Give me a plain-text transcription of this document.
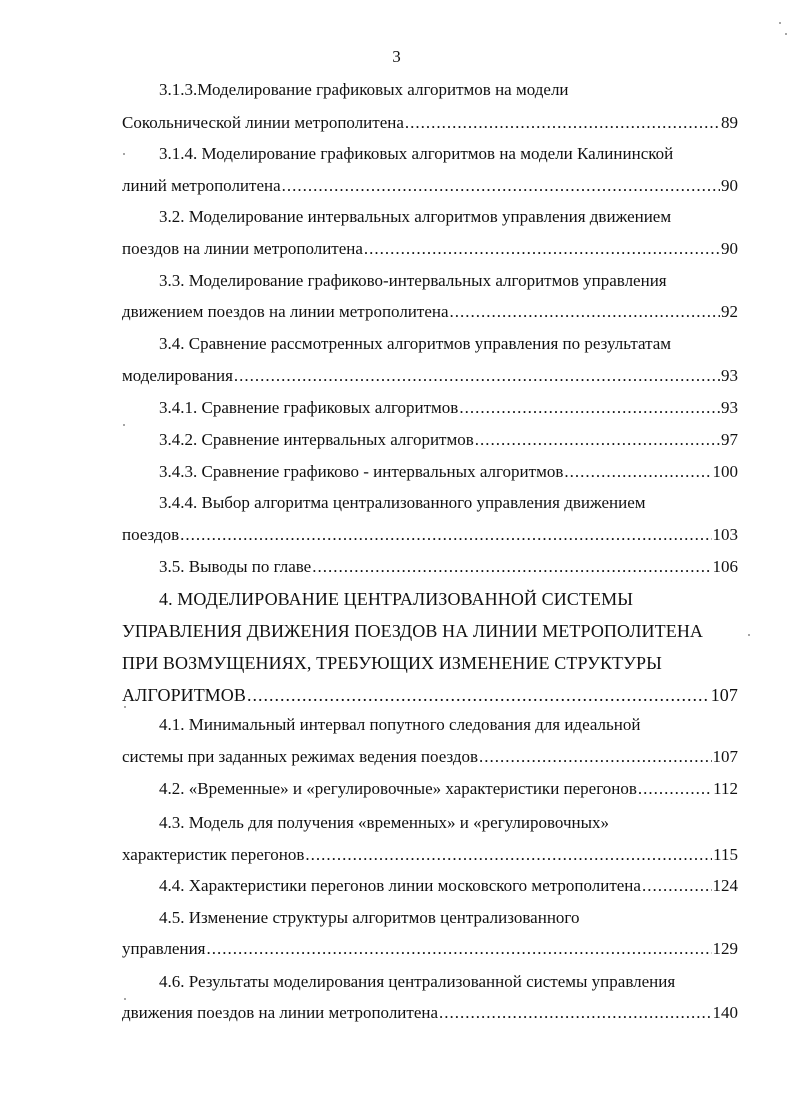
3
3.1.3.Моделирование графиковых алгоритмов на модели
Сокольнической линии метрополитена .....	89
3.1.4. Моделирование графиковых алгоритмов на модели Калининской
линий метрополитена .....	90
3.2. Моделирование интервальных алгоритмов управления движением
поездов на линии метрополитена .....	90
3.3. Моделирование графиково-интервальных алгоритмов управления
движением поездов на линии метрополитена .....	92
3.4. Сравнение рассмотренных алгоритмов управления по результатам
моделирования .....	93
3.4.1. Сравнение графиковых алгоритмов .....	93
3.4.2. Сравнение интервальных алгоритмов .....	97
3.4.3. Сравнение графиково - интервальных алгоритмов .....	100
3.4.4. Выбор алгоритма централизованного управления движением
поездов .....	103
3.5. Выводы по главе .....	106
4. МОДЕЛИРОВАНИЕ ЦЕНТРАЛИЗОВАННОЙ СИСТЕМЫ
УПРАВЛЕНИЯ ДВИЖЕНИЯ ПОЕЗДОВ НА ЛИНИИ МЕТРОПОЛИТЕНА
ПРИ ВОЗМУЩЕНИЯХ, ТРЕБУЮЩИХ ИЗМЕНЕНИЕ СТРУКТУРЫ
АЛГОРИТМОВ .....	107
4.1. Минимальный интервал попутного следования для идеальной
системы при заданных режимах ведения поездов .....	107
4.2. «Временные» и «регулировочные» характеристики перегонов .....	112
4.3. Модель для получения «временных» и «регулировочных»
характеристик перегонов .....	115
4.4. Характеристики перегонов линии московского метрополитена .....	124
4.5. Изменение структуры алгоритмов централизованного
управления .....	129
4.6. Результаты моделирования централизованной системы управления
движения поездов на линии метрополитена .....	140
